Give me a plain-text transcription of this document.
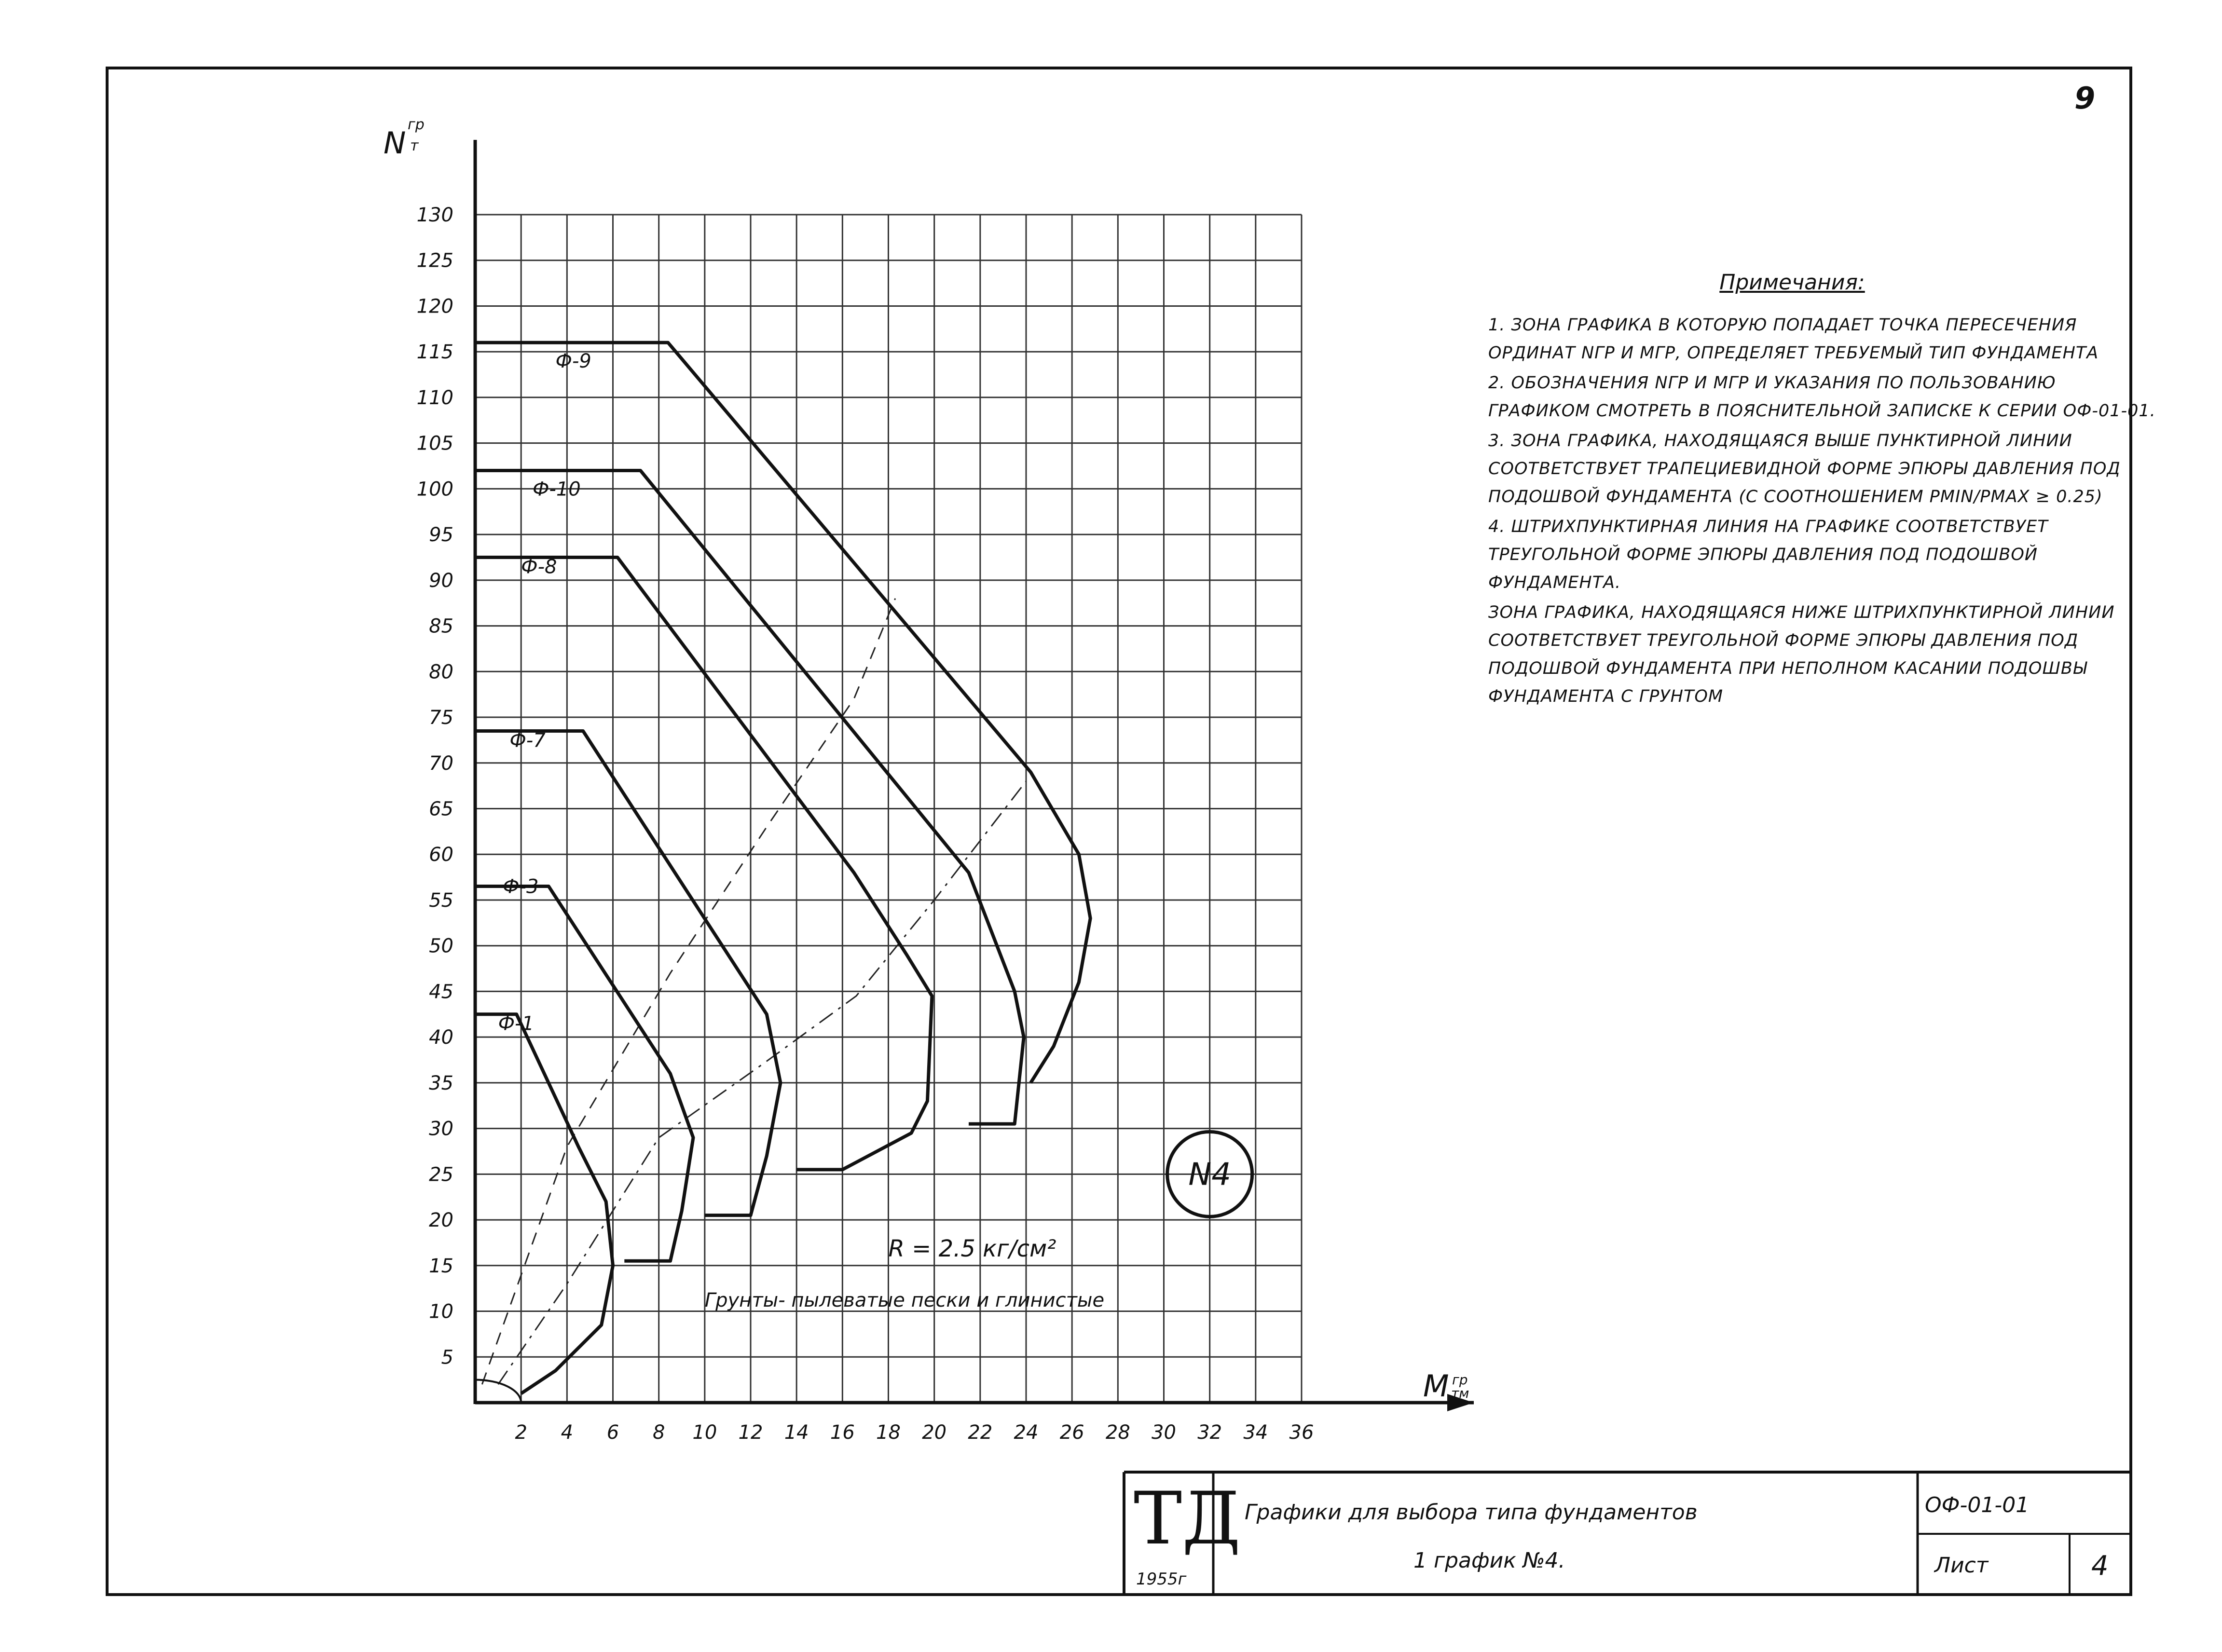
9
2 4 6 8 10 12 14 16 18 20 22 24 26 28 30 32 34 36
5
10
15
20
25
30
35
40
45
50
55
60
65
70
75
80
85
90
95
100
105
110
115
120
125
130
Ф-1
Ф-3
Ф-7
Ф-8
Ф-10
Ф-9
R = 2.5 кг/см²
Грунты- пылеватые пески и глинистые
N4
N
гр
т
M гр
тм
ТД
1955г
Графики для выбора типа фундаментов
1 график №4.
ОФ-01-01
Лист	4
Примечания:

1. ЗОНА ГРАФИКА В КОТОРУЮ ПОПАДАЕТ ТОЧКА ПЕРЕСЕЧЕНИЯ ОРДИНАТ NГР И MГР, ОПРЕДЕЛЯЕТ ТРЕБУЕМЫЙ ТИП ФУНДАМЕНТА

2. ОБОЗНАЧЕНИЯ NГР И MГР И УКАЗАНИЯ ПО ПОЛЬЗОВАНИЮ ГРАФИКОМ СМОТРЕТЬ В ПОЯСНИТЕЛЬНОЙ ЗАПИСКЕ К СЕРИИ ОФ-01-01.

3. ЗОНА ГРАФИКА, НАХОДЯЩАЯСЯ ВЫШЕ ПУНКТИРНОЙ ЛИНИИ СООТВЕТСТВУЕТ ТРАПЕЦИЕВИДНОЙ ФОРМЕ ЭПЮРЫ ДАВЛЕНИЯ ПОД ПОДОШВОЙ ФУНДАМЕНТА (С СООТНОШЕНИЕМ PMIN/PMAX ≥ 0.25)

4. ШТРИХПУНКТИРНАЯ ЛИНИЯ НА ГРАФИКЕ СООТВЕТСТВУЕТ ТРЕУГОЛЬНОЙ ФОРМЕ ЭПЮРЫ ДАВЛЕНИЯ ПОД ПОДОШВОЙ ФУНДАМЕНТА.

ЗОНА ГРАФИКА, НАХОДЯЩАЯСЯ НИЖЕ ШТРИХПУНКТИРНОЙ ЛИНИИ СООТВЕТСТВУЕТ ТРЕУГОЛЬНОЙ ФОРМЕ ЭПЮРЫ ДАВЛЕНИЯ ПОД ПОДОШВОЙ ФУНДАМЕНТА ПРИ НЕПОЛНОМ КАСАНИИ ПОДОШВЫ ФУНДАМЕНТА С ГРУНТОМ
